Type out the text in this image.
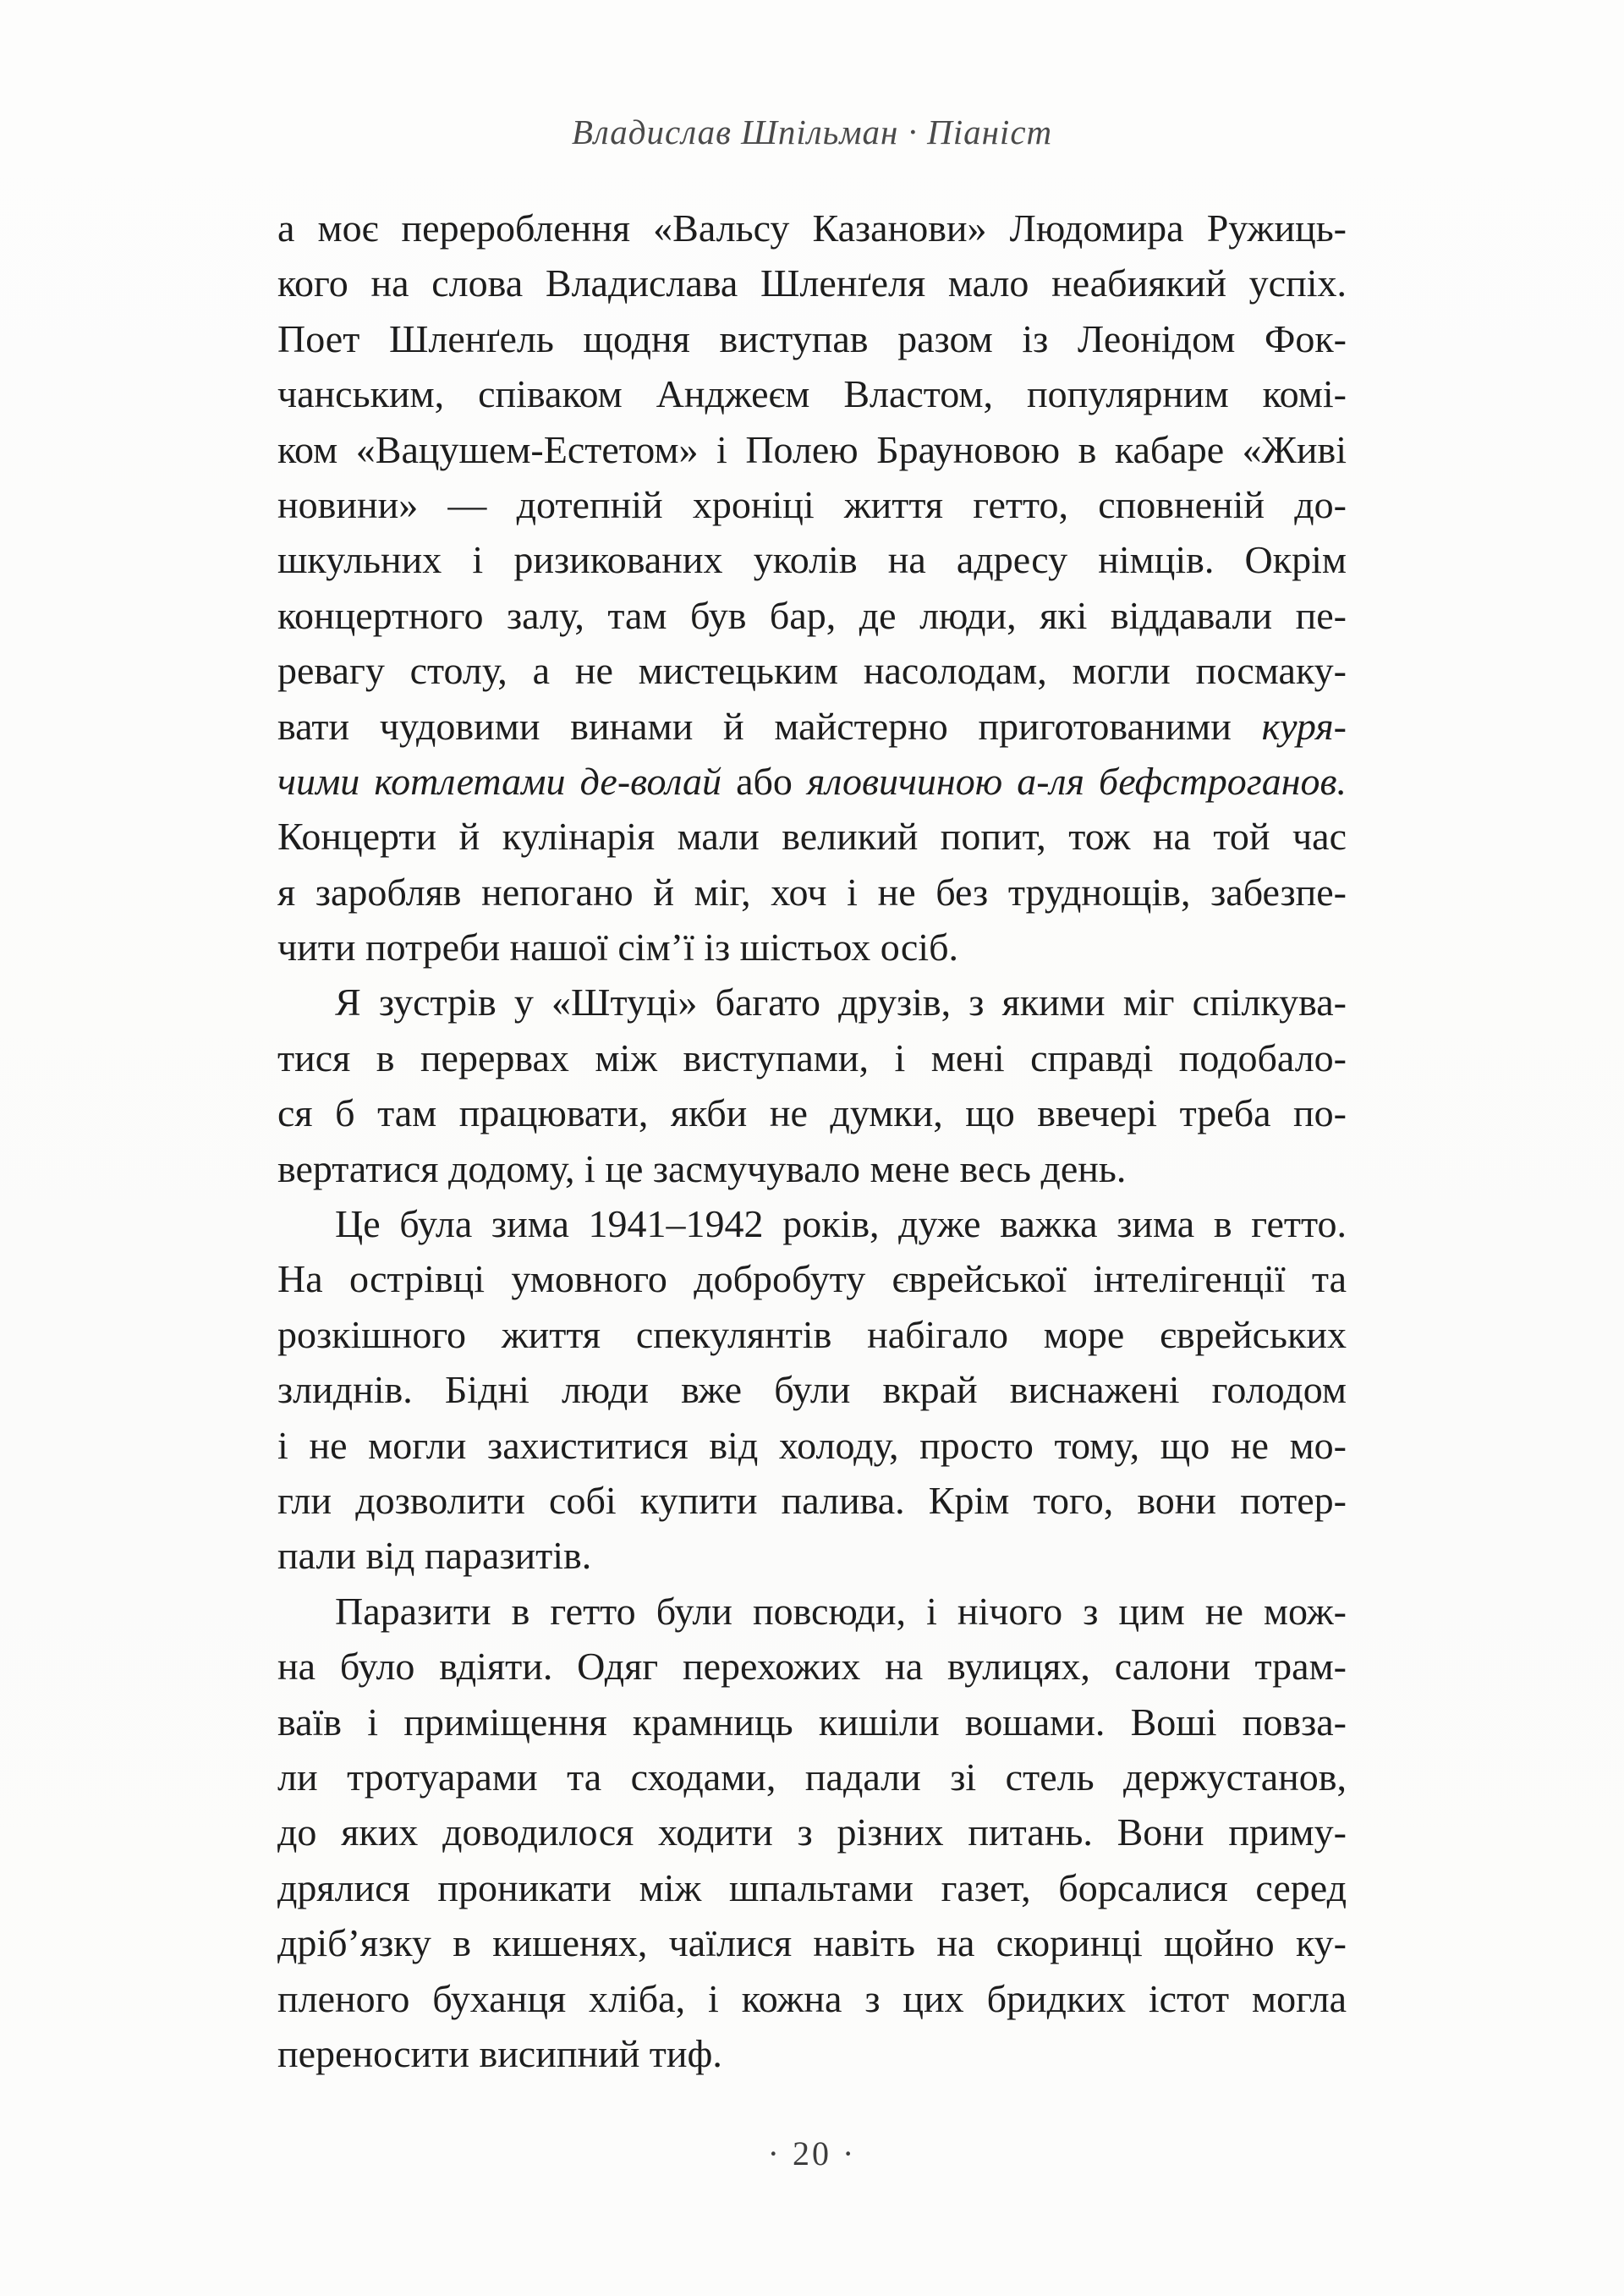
Владислав Шпільман · Піаніст
а моє перероблення «Вальсу Казанови» Людомира Ружиць-
кого на слова Владислава Шленґеля мало неабиякий успіх.
Поет Шленґель щодня виступав разом із Леонідом Фок-
чанським, співаком Анджеєм Властом, популярним комі-
ком «Вацушем-Естетом» і Полею Брауновою в кабаре «Живі
новини» — дотепній хроніці життя гетто, сповненій до-
шкульних і ризикованих уколів на адресу німців. Окрім
концертного залу, там був бар, де люди, які віддавали пе-
ревагу столу, а не мистецьким насолодам, могли посмаку-
вати чудовими винами й майстерно приготованими куря-
чими котлетами де-волай або яловичиною а-ля бефстроганов.
Концерти й кулінарія мали великий попит, тож на той час
я заробляв непогано й міг, хоч і не без труднощів, забезпе-
чити потреби нашої сім’ї із шістьох осіб.
Я зустрів у «Штуці» багато друзів, з якими міг спілкува-
тися в перервах між виступами, і мені справді подобало-
ся б там працювати, якби не думки, що ввечері треба по-
вертатися додому, і це засмучувало мене весь день.
Це була зима 1941–1942 років, дуже важка зима в гетто.
На острівці умовного добробуту єврейської інтелігенції та
розкішного життя спекулянтів набігало море єврейських
злиднів. Бідні люди вже були вкрай виснажені голодом
і не могли захиститися від холоду, просто тому, що не мо-
гли дозволити собі купити палива. Крім того, вони потер-
пали від паразитів.
Паразити в гетто були повсюди, і нічого з цим не мож-
на було вдіяти. Одяг перехожих на вулицях, салони трам-
ваїв і приміщення крамниць кишіли вошами. Воші повза-
ли тротуарами та сходами, падали зі стель держустанов,
до яких доводилося ходити з різних питань. Вони приму-
дрялися проникати між шпальтами газет, борсалися серед
дріб’язку в кишенях, чаїлися навіть на скоринці щойно ку-
пленого буханця хліба, і кожна з цих бридких істот могла
переносити висипний тиф.
· 20 ·
